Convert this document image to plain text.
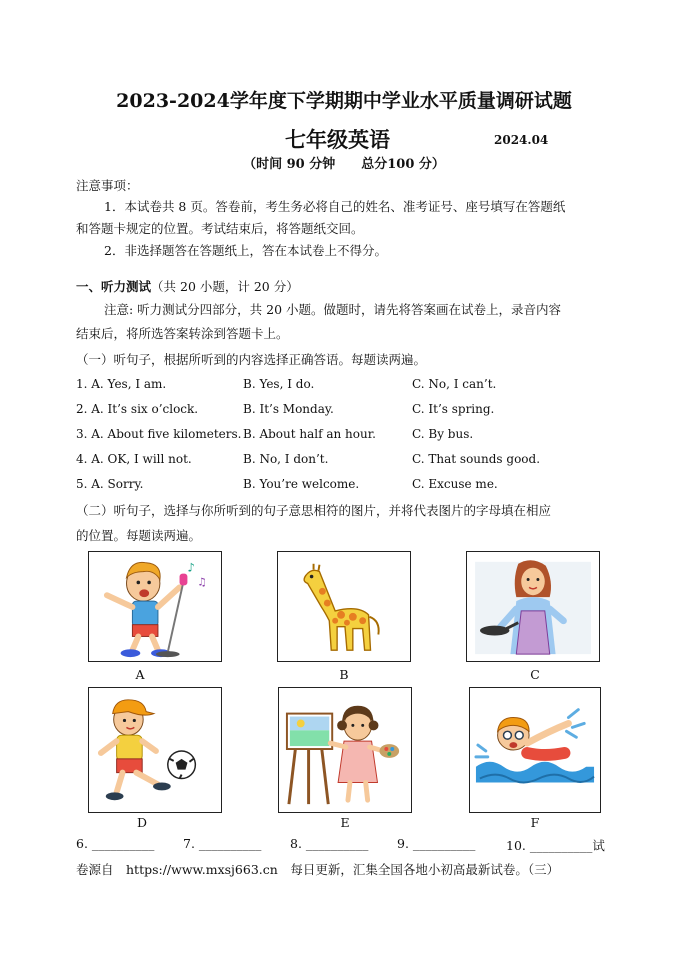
2023-2024学年度下学期期中学业水平质量调研试题
七年级英语	2024.04
（时间 90 分钟　　总分100 分）
注意事项：
1．本试卷共 8 页。答卷前，考生务必将自己的姓名、准考证号、座号填写在答题纸
和答题卡规定的位置。考试结束后，将答题纸交回。
2．非选择题答在答题纸上，答在本试卷上不得分。
一、听力测试（共 20 小题，计 20 分）
注意: 听力测试分四部分，共 20 小题。做题时，请先将答案画在试卷上，录音内容
结束后，将所选答案转涂到答题卡上。
（一）听句子，根据所听到的内容选择正确答语。每题读两遍。
1. A. Yes, I am.	B. Yes, I do.	C. No, I can’t.
2. A. It’s six o’clock.	B. It’s Monday.	C. It’s spring.
3. A. About five kilometers. B. About half an hour.	C. By bus.
4. A. OK, I will not.	B. No, I don’t.	C. That sounds good.
5. A. Sorry.	B. You’re welcome.	C. Excuse me.
（二）听句子，选择与你所听到的句子意思相符的图片，并将代表图片的字母填在相应
的位置。每题读两遍。
♪
♫
A	B	C
D	E	F
6. __________ 7. __________ 8. __________ 9. __________ 10. __________试
卷源自　https://www.mxsj663.cn　每日更新，汇集全国各地小初高最新试卷。（三）
